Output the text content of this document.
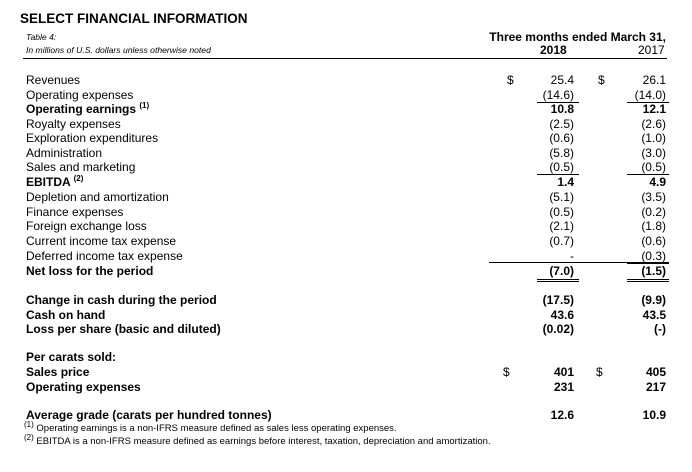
SELECT FINANCIAL INFORMATION
Table 4:
In millions of U.S. dollars unless otherwise noted
Three months ended March 31,
2018	2017
$	$
Revenues	25.4	26.1
Operating expenses	(14.6)	(14.0)
Operating earnings $^{(1)}$	10.8	12.1
Royalty expenses	(2.5)	(2.6)
Exploration expenditures	(0.6)	(1.0)
Administration	(5.8)	(3.0)
Sales and marketing	(0.5)	(0.5)
EBITDA $^{(2)}$	1.4	4.9
Depletion and amortization	(5.1)	(3.5)
Finance expenses	(0.5)	(0.2)
Foreign exchange loss	(2.1)	(1.8)
Current income tax expense	(0.7)	(0.6)
Deferred income tax expense	-	(0.3)
Net loss for the period	(7.0)	(1.5)
Change in cash during the period	(17.5)	(9.9)
Cash on hand	43.6	43.5
Loss per share (basic and diluted)	(0.02)	(-)
Per carats sold:
$	$
Sales price	401	405
Operating expenses	231	217
Average grade (carats per hundred tonnes)	12.6	10.9
$^{(1)}$ Operating earnings is a non-IFRS measure defined as sales less operating expenses.
$^{(2)}$ EBITDA is a non-IFRS measure defined as earnings before interest, taxation, depreciation and amortization.
